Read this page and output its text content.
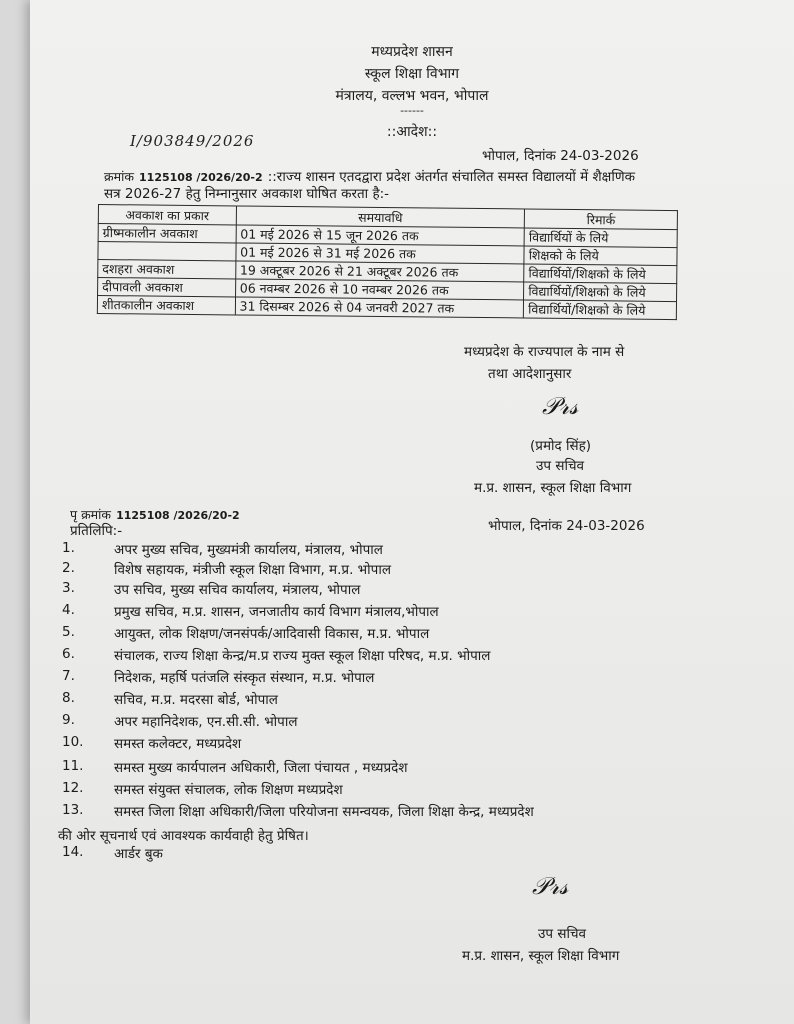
मध्यप्रदेश शासन
स्कूल शिक्षा विभाग
मंत्रालय, वल्लभ भवन, भोपाल
------
::आदेश::
I/903849/2026
भोपाल, दिनांक 24-03-2026
क्रमांक 1125108 /2026/20-2 ::राज्य शासन एतदद्वारा प्रदेश अंतर्गत संचालित समस्त विद्यालयों में शैक्षणिक
सत्र 2026-27 हेतु निम्नानुसार अवकाश घोषित करता है:-
अवकाश का प्रकार	समयावधि	रिमार्क
ग्रीष्मकालीन अवकाश	01 मई 2026 से 15 जून 2026 तक	विद्यार्थियों के लिये
	01 मई 2026 से 31 मई 2026 तक	शिक्षको के लिये
दशहरा अवकाश	19 अक्टूबर 2026 से 21 अक्टूबर 2026 तक	विद्यार्थियों/शिक्षको के लिये
दीपावली अवकाश	06 नवम्बर 2026 से 10 नवम्बर 2026 तक	विद्यार्थियों/शिक्षको के लिये
शीतकालीन अवकाश	31 दिसम्बर 2026 से 04 जनवरी 2027 तक	विद्यार्थियों/शिक्षको के लिये
मध्यप्रदेश के राज्यपाल के नाम से
तथा आदेशानुसार
𝒫𝓇𝓈
(प्रमोद सिंह)
उप सचिव
म.प्र. शासन, स्कूल शिक्षा विभाग
पृ क्रमांक 1125108 /2026/20-2
भोपाल, दिनांक 24-03-2026
प्रतिलिपि:-
1.	अपर मुख्य सचिव, मुख्यमंत्री कार्यालय, मंत्रालय, भोपाल
2.	विशेष सहायक, मंत्रीजी स्कूल शिक्षा विभाग, म.प्र. भोपाल
3.	उप सचिव, मुख्य सचिव कार्यालय, मंत्रालय, भोपाल
4.	प्रमुख सचिव, म.प्र. शासन, जनजातीय कार्य विभाग मंत्रालय,भोपाल
5.	आयुक्त, लोक शिक्षण/जनसंपर्क/आदिवासी विकास, म.प्र. भोपाल
6.	संचालक, राज्य शिक्षा केन्द्र/म.प्र राज्य मुक्त स्कूल शिक्षा परिषद, म.प्र. भोपाल
7.	निदेशक, महर्षि पतंजलि संस्कृत संस्थान, म.प्र. भोपाल
8.	सचिव, म.प्र. मदरसा बोर्ड, भोपाल
9.	अपर महानिदेशक, एन.सी.सी. भोपाल
10. समस्त कलेक्टर, मध्यप्रदेश
11. समस्त मुख्य कार्यपालन अधिकारी, जिला पंचायत , मध्यप्रदेश
12. समस्त संयुक्त संचालक, लोक शिक्षण मध्यप्रदेश
13. समस्त जिला शिक्षा अधिकारी/जिला परियोजना समन्वयक, जिला शिक्षा केन्द्र, मध्यप्रदेश
की ओर सूचनार्थ एवं आवश्यक कार्यवाही हेतु प्रेषित।
14. आर्डर बुक
𝒫𝓇𝓈
उप सचिव
म.प्र. शासन, स्कूल शिक्षा विभाग
